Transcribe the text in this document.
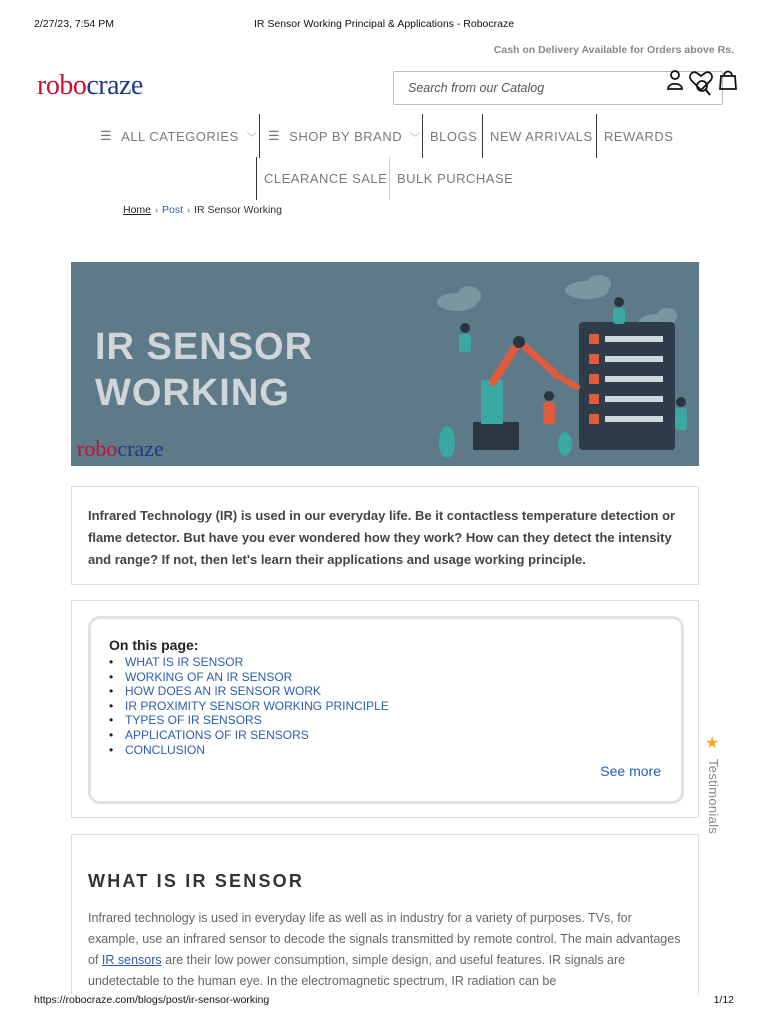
2/27/23, 7:54 PM	IR Sensor Working Principal & Applications - Robocraze
Cash on Delivery Available for Orders above Rs.
robocraze
Search from our Catalog
☰ ALL CATEGORIES ﹀ ☰ SHOP BY BRAND ﹀ BLOGS NEW ARRIVALS REWARDS
CLEARANCE SALE BULK PURCHASE
Home › Post › IR Sensor Working
IR SENSOR
WORKING
robocraze

Infrared Technology (IR) is used in our everyday life. Be it contactless temperature detection or flame detector. But have you ever wondered how they work? How can they detect the intensity and range? If not, then let's learn their applications and usage working principle.

On this page:
• WHAT IS IR SENSOR
• WORKING OF AN IR SENSOR
• HOW DOES AN IR SENSOR WORK
• IR PROXIMITY SENSOR WORKING PRINCIPLE
• TYPES OF IR SENSORS
• APPLICATIONS OF IR SENSORS
• CONCLUSION
See more
★
Testimonials
WHAT IS IR SENSOR

Infrared technology is used in everyday life as well as in industry for a variety of purposes. TVs, for example, use an infrared sensor to decode the signals transmitted by remote control. The main advantages of IR sensors are their low power consumption, simple design, and useful features. IR signals are undetectable to the human eye. In the electromagnetic spectrum, IR radiation can be

https://robocraze.com/blogs/post/ir-sensor-working	1/12
